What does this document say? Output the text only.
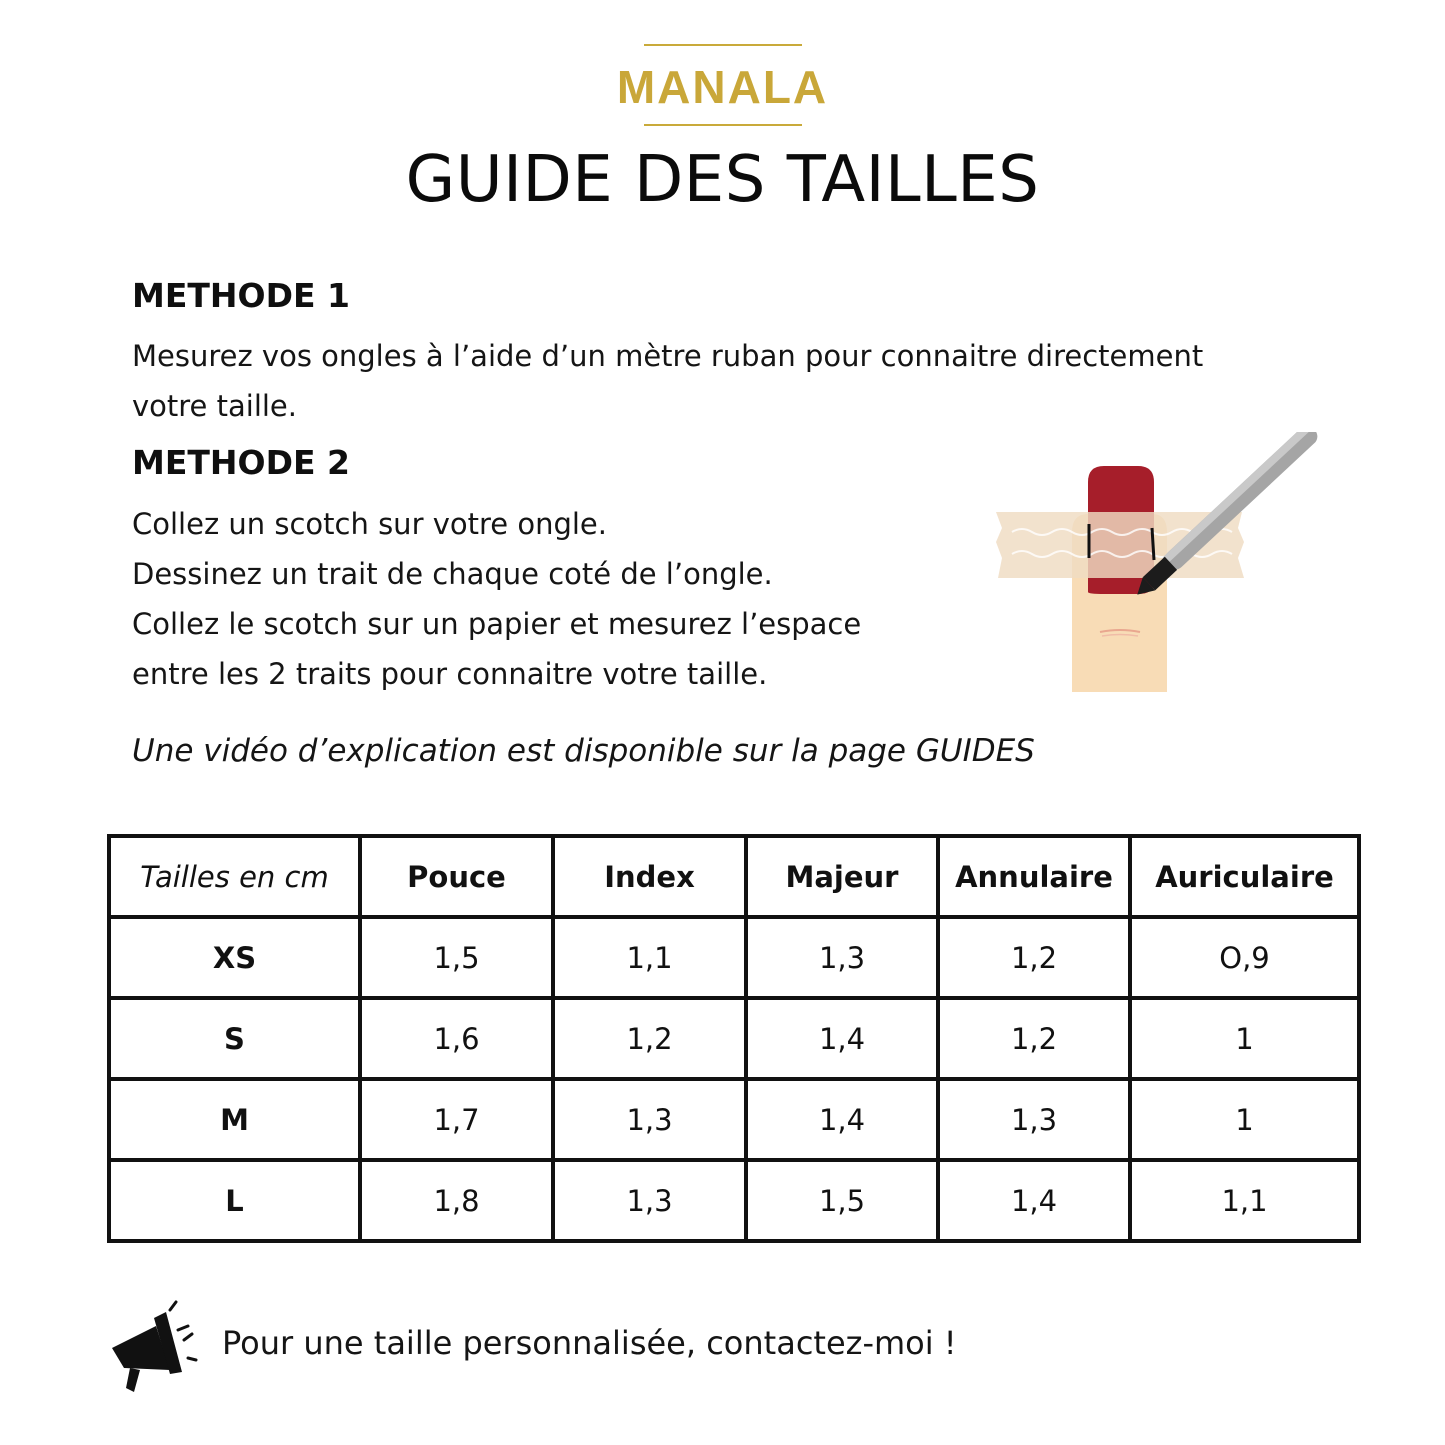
MANALA
GUIDE DES TAILLES
METHODE 1

Mesurez vos ongles à l’aide d’un mètre ruban pour connaitre directement
votre taille.

METHODE 2

Collez un scotch sur votre ongle.
Dessinez un trait de chaque coté de l’ongle.
Collez le scotch sur un papier et mesurez l’espace
entre les 2 traits pour connaitre votre taille.

Une vidéo d’explication est disponible sur la page GUIDES

Tailles en cm	Pouce	Index	Majeur	Annulaire	Auriculaire
XS	1,5	1,1	1,3	1,2	O,9
S	1,6	1,2	1,4	1,2	1
M	1,7	1,3	1,4	1,3	1
L	1,8	1,3	1,5	1,4	1,1
Pour une taille personnalisée, contactez-moi !
